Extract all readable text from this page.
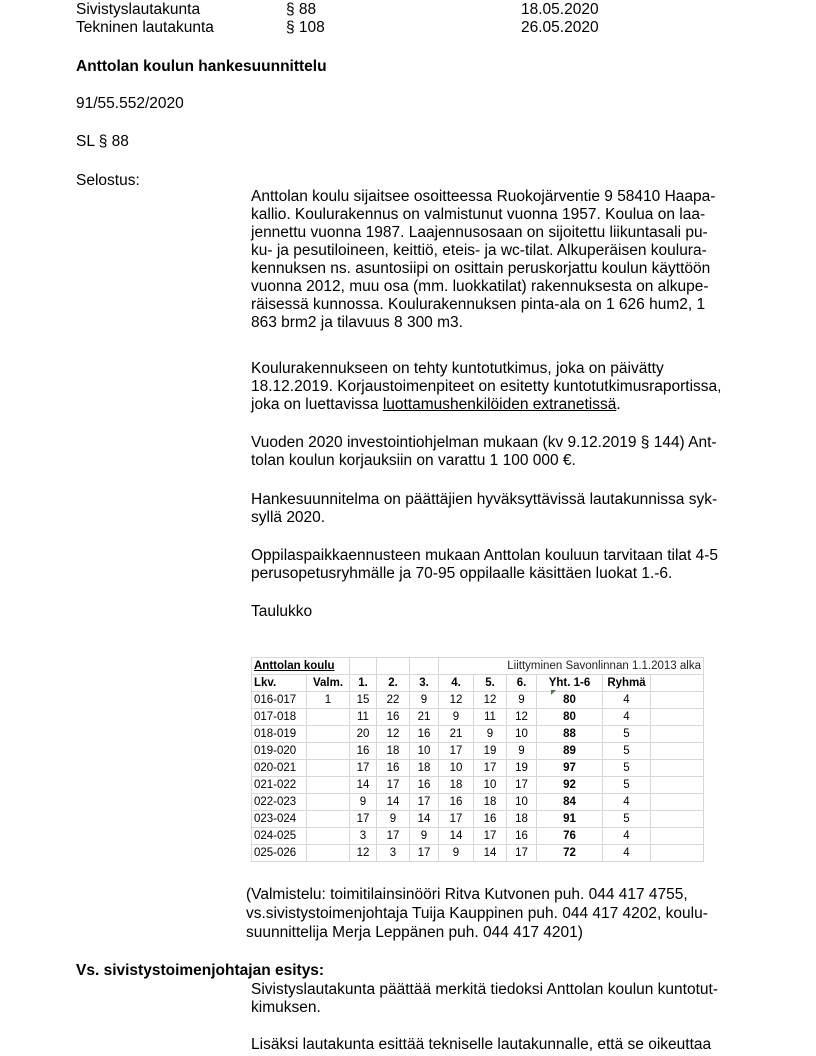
Sivistyslautakunta	§ 88	18.05.2020
Tekninen lautakunta	§ 108	26.05.2020
Anttolan koulun hankesuunnittelu
91/55.552/2020
SL § 88
Selostus:
Anttolan koulu sijaitsee osoitteessa Ruokojärventie 9 58410 Haapa-
kallio. Koulurakennus on valmistunut vuonna 1957. Koulua on laa-
jennettu vuonna 1987. Laajennusosaan on sijoitettu liikuntasali pu-
ku- ja pesutiloineen, keittiö, eteis- ja wc-tilat. Alkuperäisen koulura-
kennuksen ns. asuntosiipi on osittain peruskorjattu koulun käyttöön
vuonna 2012, muu osa (mm. luokkatilat) rakennuksesta on alkupe-
räisessä kunnossa. Koulurakennuksen pinta-ala on 1 626 hum2, 1
863 brm2 ja tilavuus 8 300 m3.
Koulurakennukseen on tehty kuntotutkimus, joka on päivätty
18.12.2019. Korjaustoimenpiteet on esitetty kuntotutkimusraportissa,
joka on luettavissa luottamushenkilöiden extranetissä.
Vuoden 2020 investointiohjelman mukaan (kv 9.12.2019 § 144) Ant-
tolan koulun korjauksiin on varattu 1 100 000 €.
Hankesuunnitelma on päättäjien hyväksyttävissä lautakunnissa syk-
syllä 2020.
Oppilaspaikkaennusteen mukaan Anttolan kouluun tarvitaan tilat 4-5
perusopetusryhmälle ja 70-95 oppilaalle käsittäen luokat 1.-6.
Taulukko
Anttolan koulu					Liittyminen Savonlinnan 1.1.2013 alka					
Lkv.	Valm.	1.	2.	3.	4.	5.	6.	Yht. 1-6	Ryhmä	
016-017	1	15	22	9	12	12	9	80	4	
017-018		11	16	21	9	11	12	80	4	
018-019		20	12	16	21	9	10	88	5	
019-020		16	18	10	17	19	9	89	5	
020-021		17	16	18	10	17	19	97	5	
021-022		14	17	16	18	10	17	92	5	
022-023		9	14	17	16	18	10	84	4	
023-024		17	9	14	17	16	18	91	5	
024-025		3	17	9	14	17	16	76	4	
025-026		12	3	17	9	14	17	72	4	
(Valmistelu: toimitilainsinööri Ritva Kutvonen puh. 044 417 4755,
vs.sivistystoimenjohtaja Tuija Kauppinen puh. 044 417 4202, koulu-
suunnittelija Merja Leppänen puh. 044 417 4201)
Vs. sivistystoimenjohtajan esitys:
Sivistyslautakunta päättää merkitä tiedoksi Anttolan koulun kuntotut-
kimuksen.
Lisäksi lautakunta esittää tekniselle lautakunnalle, että se oikeuttaa
